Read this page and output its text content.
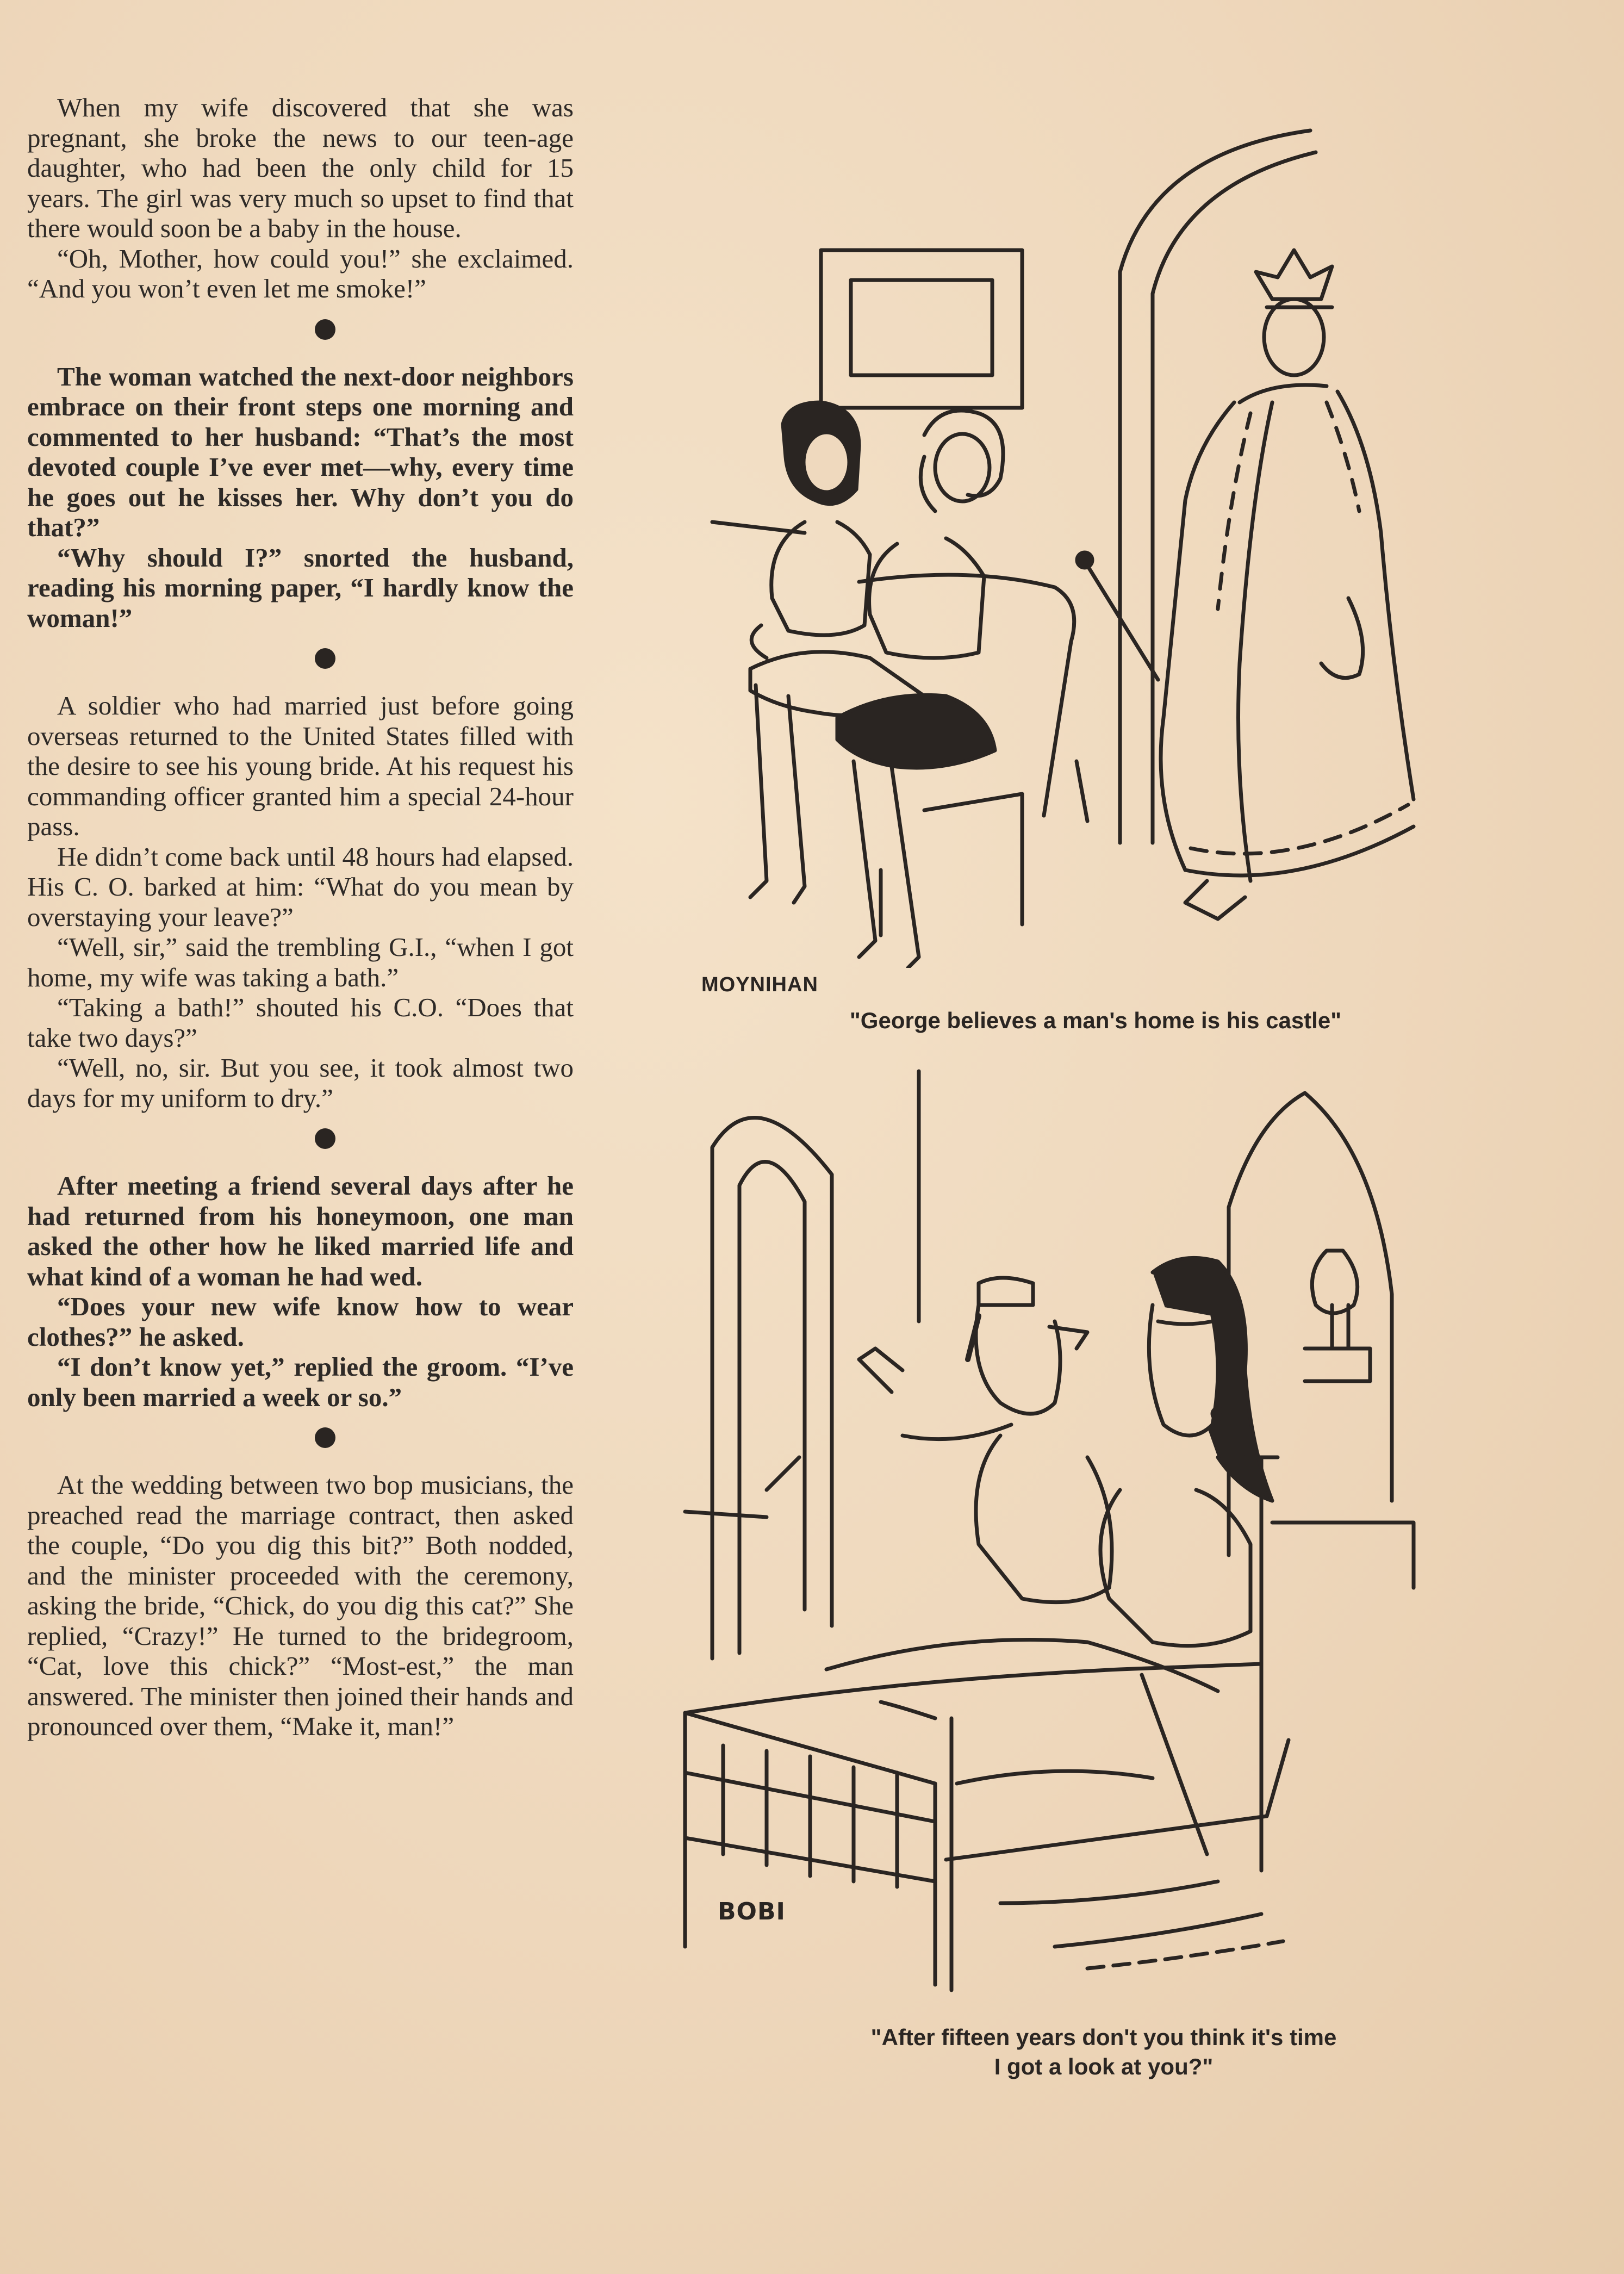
When my wife discovered that she was pregnant, she broke the news to our teen-age daughter, who had been the only child for 15 years. The girl was very much so upset to find that there would soon be a baby in the house.

“Oh, Mother, how could you!” she exclaimed. “And you won’t even let me smoke!”

The woman watched the next-door neighbors embrace on their front steps one morning and commented to her husband: “That’s the most devoted couple I’ve ever met—why, every time he goes out he kisses her. Why don’t you do that?”

“Why should I?” snorted the husband, reading his morning paper, “I hardly know the woman!”

A soldier who had married just before going overseas returned to the United States filled with the desire to see his young bride. At his request his commanding officer granted him a special 24-hour pass.

He didn’t come back until 48 hours had elapsed. His C. O. barked at him: “What do you mean by overstaying your leave?”

“Well, sir,” said the trembling G.I., “when I got home, my wife was taking a bath.”

“Taking a bath!” shouted his C.O. “Does that take two days?”

“Well, no, sir. But you see, it took almost two days for my uniform to dry.”

After meeting a friend several days after he had returned from his honeymoon, one man asked the other how he liked married life and what kind of a woman he had wed.

“Does your new wife know how to wear clothes?” he asked.

“I don’t know yet,” replied the groom. “I’ve only been married a week or so.”

At the wedding between two bop musicians, the preached read the marriage contract, then asked the couple, “Do you dig this bit?” Both nodded, and the minister proceeded with the ceremony, asking the bride, “Chick, do you dig this cat?” She replied, “Crazy!” He turned to the bridegroom, “Cat, love this chick?” “Most-est,” the man answered. The minister then joined their hands and pronounced over them, “Make it, man!”

MOYNIHAN
"George believes a man's home is his castle"
BOBI
"After fifteen years don't you think it's time
I got a look at you?"
